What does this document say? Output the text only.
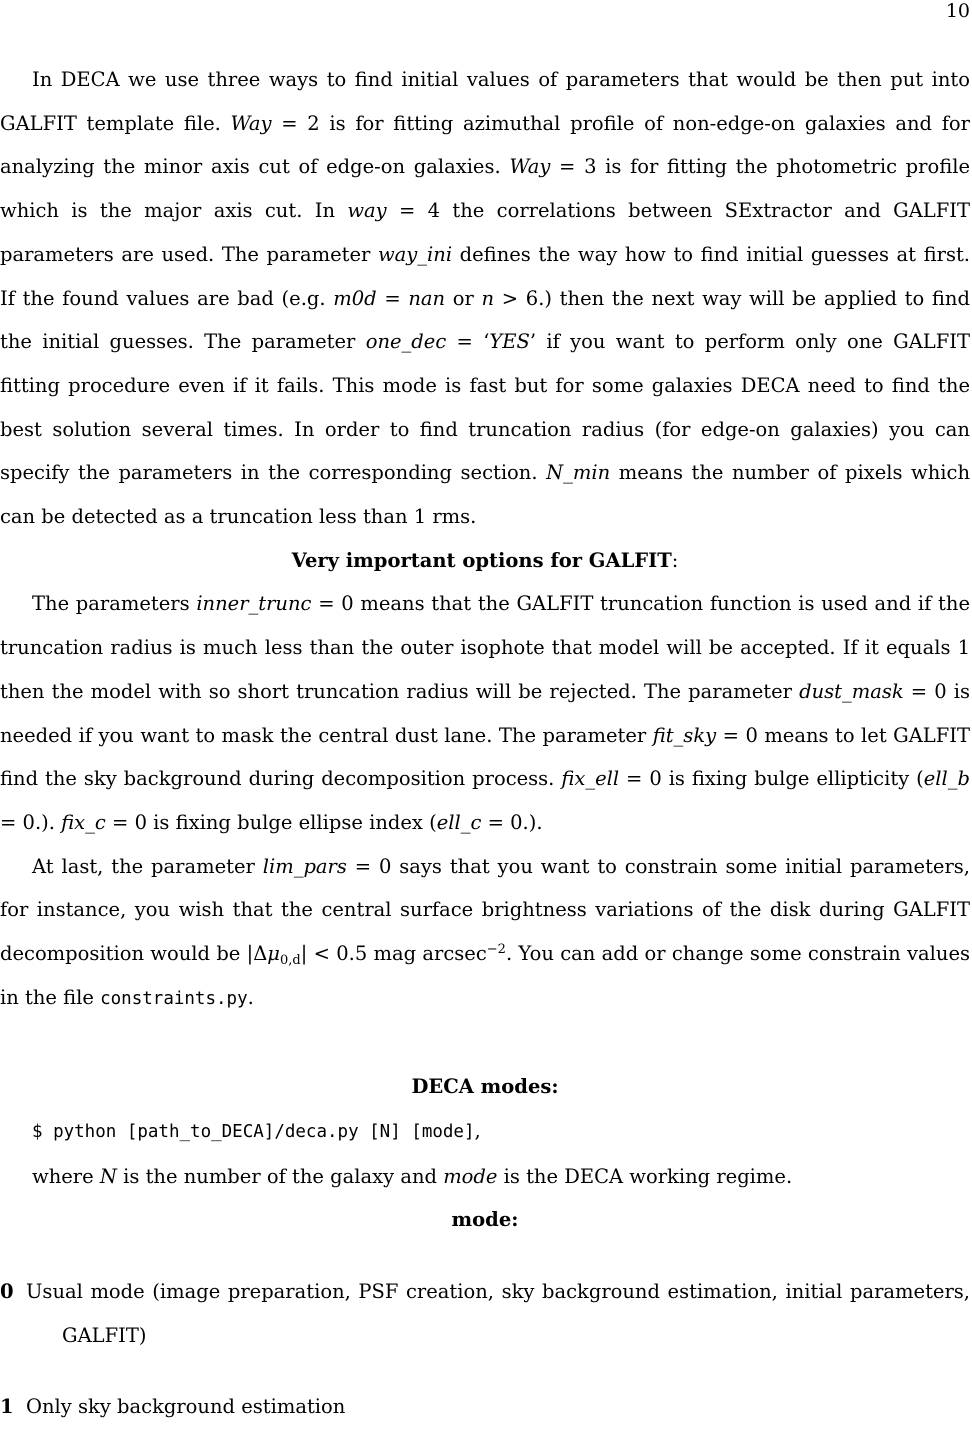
10

In DECA we use three ways to find initial values of parameters that would be then put into GALFIT template file. Way = 2 is for fitting azimuthal profile of non-edge-on galaxies and for analyzing the minor axis cut of edge-on galaxies. Way = 3 is for fitting the photometric profile which is the major axis cut. In way = 4 the correlations between SExtractor and GALFIT parameters are used. The parameter way_ini defines the way how to find initial guesses at first. If the found values are bad (e.g. m0d = nan or n > 6.) then the next way will be applied to find the initial guesses. The parameter one_dec = ‘YES’ if you want to perform only one GALFIT fitting procedure even if it fails. This mode is fast but for some galaxies DECA need to find the best solution several times. In order to find truncation radius (for edge-on galaxies) you can specify the parameters in the corresponding section. N_min means the number of pixels which can be detected as a truncation less than 1 rms.

Very important options for GALFIT:

The parameters inner_trunc = 0 means that the GALFIT truncation function is used and if the truncation radius is much less than the outer isophote that model will be accepted. If it equals 1 then the model with so short truncation radius will be rejected. The parameter dust_mask = 0 is needed if you want to mask the central dust lane. The parameter fit_sky = 0 means to let GALFIT find the sky background during decomposition process. fix_ell = 0 is fixing bulge ellipticity (ell_b = 0.). fix_c = 0 is fixing bulge ellipse index (ell_c = 0.).

At last, the parameter lim_pars = 0 says that you want to constrain some initial parameters, for instance, you wish that the central surface brightness variations of the disk during GALFIT decomposition would be $|\Delta\mu_{0,d}| < 0.5$ mag arcsec$^{-2}$. You can add or change some constrain values in the file constraints.py.

DECA modes:

$ python [path_to_DECA]/deca.py [N] [mode],

where N is the number of the galaxy and mode is the DECA working regime.

mode:

0 Usual mode (image preparation, PSF creation, sky background estimation, initial parameters, GALFIT)

1 Only sky background estimation
